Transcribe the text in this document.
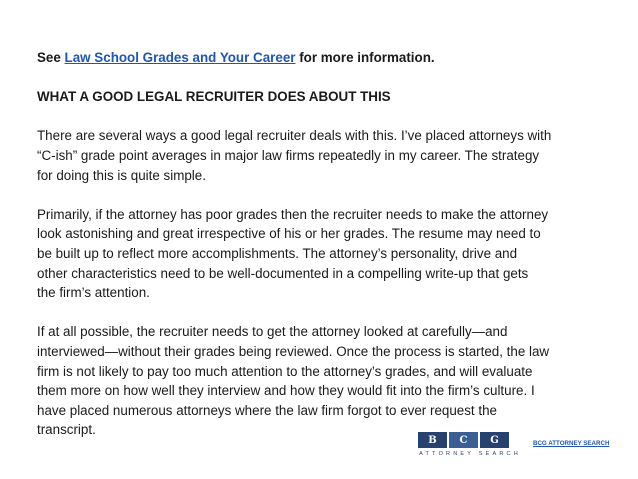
See Law School Grades and Your Career for more information.
WHAT A GOOD LEGAL RECRUITER DOES ABOUT THIS
There are several ways a good legal recruiter deals with this. I’ve placed attorneys with
“C-ish” grade point averages in major law firms repeatedly in my career. The strategy
for doing this is quite simple.
Primarily, if the attorney has poor grades then the recruiter needs to make the attorney
look astonishing and great irrespective of his or her grades. The resume may need to
be built up to reflect more accomplishments. The attorney’s personality, drive and
other characteristics need to be well-documented in a compelling write-up that gets
the firm’s attention.
If at all possible, the recruiter needs to get the attorney looked at carefully—and
interviewed—without their grades being reviewed. Once the process is started, the law
firm is not likely to pay too much attention to the attorney’s grades, and will evaluate
them more on how well they interview and how they would fit into the firm’s culture. I
have placed numerous attorneys where the law firm forgot to ever request the
transcript.
B	C	G
ATTORNEY SEARCH
BCG ATTORNEY SEARCH
